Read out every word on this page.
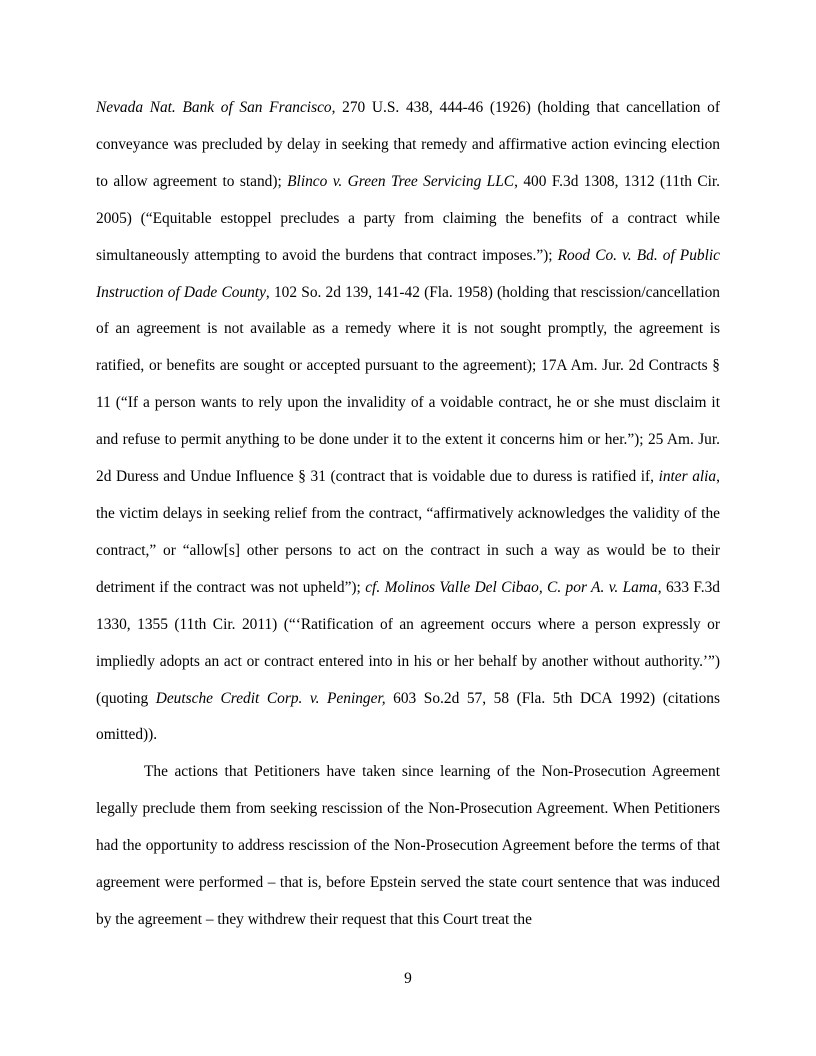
Nevada Nat. Bank of San Francisco, 270 U.S. 438, 444-46 (1926) (holding that cancellation of conveyance was precluded by delay in seeking that remedy and affirmative action evincing election to allow agreement to stand); Blinco v. Green Tree Servicing LLC, 400 F.3d 1308, 1312 (11th Cir. 2005) (“Equitable estoppel precludes a party from claiming the benefits of a contract while simultaneously attempting to avoid the burdens that contract imposes.”); Rood Co. v. Bd. of Public Instruction of Dade County, 102 So. 2d 139, 141-42 (Fla. 1958) (holding that rescission/cancellation of an agreement is not available as a remedy where it is not sought promptly, the agreement is ratified, or benefits are sought or accepted pursuant to the agreement); 17A Am. Jur. 2d Contracts § 11 (“If a person wants to rely upon the invalidity of a voidable contract, he or she must disclaim it and refuse to permit anything to be done under it to the extent it concerns him or her.”); 25 Am. Jur. 2d Duress and Undue Influence § 31 (contract that is voidable due to duress is ratified if, inter alia, the victim delays in seeking relief from the contract, “affirmatively acknowledges the validity of the contract,” or “allow[s] other persons to act on the contract in such a way as would be to their detriment if the contract was not upheld”); cf. Molinos Valle Del Cibao, C. por A. v. Lama, 633 F.3d 1330, 1355 (11th Cir. 2011) (“‘Ratification of an agreement occurs where a person expressly or impliedly adopts an act or contract entered into in his or her behalf by another without authority.’”) (quoting Deutsche Credit Corp. v. Peninger, 603 So.2d 57, 58 (Fla. 5th DCA 1992) (citations omitted)).

The actions that Petitioners have taken since learning of the Non-Prosecution Agreement legally preclude them from seeking rescission of the Non-Prosecution Agreement. When Petitioners had the opportunity to address rescission of the Non-Prosecution Agreement before the terms of that agreement were performed – that is, before Epstein served the state court sentence that was induced by the agreement – they withdrew their request that this Court treat the

9
